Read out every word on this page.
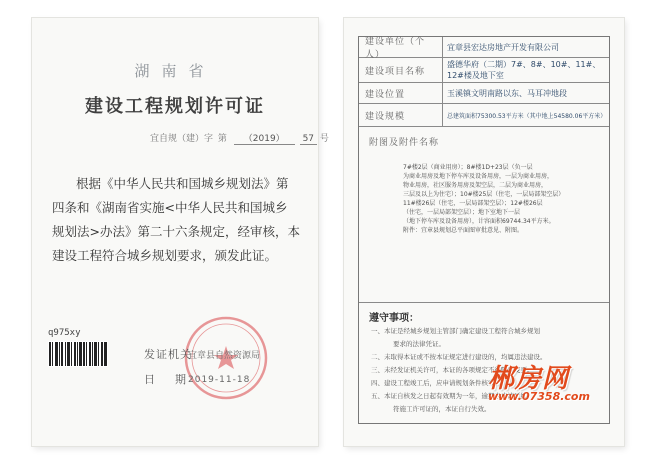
湖南省
建设工程规划许可证
宜自规（建）字 第 （2019） 57 号
根据《中华人民共和国城乡规划法》第
四条和《湖南省实施<中华人民共和国城乡
规划法>办法》第二十六条规定，经审核，本
建设工程符合城乡规划要求，颁发此证。
q975xy
发证机关
宜章县自然资源局
日期
2019-11-18
建设单位（个人）
宜章县宏达房地产开发有限公司
建设项目名称
盛德华府（二期）7#、8#、10#、11#、12#楼及地下室
建设位置	玉溪镇文明南路以东、马耳冲地段
建设规模	总建筑面积75300.53平方米（其中地上54580.06平方米）
附图及附件名称
7#楼2层（商业用房）；8#楼1D+23层（负一层
为商业用房及地下停车库及设备用房，一层为商业用房，
物业用房，社区服务用房及架空层，二层为商业用房，
三层及以上为住宅）；10#楼25层（住宅，一层局部架空层）
11#楼26层（住宅，一层局部架空层）；12#楼26层
（住宅，一层局部架空层）；地下室地下一层
（地下停车库及设备用房），计容面积69744.34平方米。
附件：宜章县规划总平面图审批意见、附图。
遵守事项：
一、本证是经城乡规划主管部门确定建设工程符合城乡规划
要求的法律凭证。
二、未取得本证或不按本证规定进行建设的，均属违法建设。
三、未经发证机关许可，本证的各项规定不得随意变更。
四、建设工程竣工后，应申请规划条件核实。
五、本证自核发之日起有效期为一年，逾期未申请延续
符施工许可证的，本证自行失效。
郴房网
www.07358.com
